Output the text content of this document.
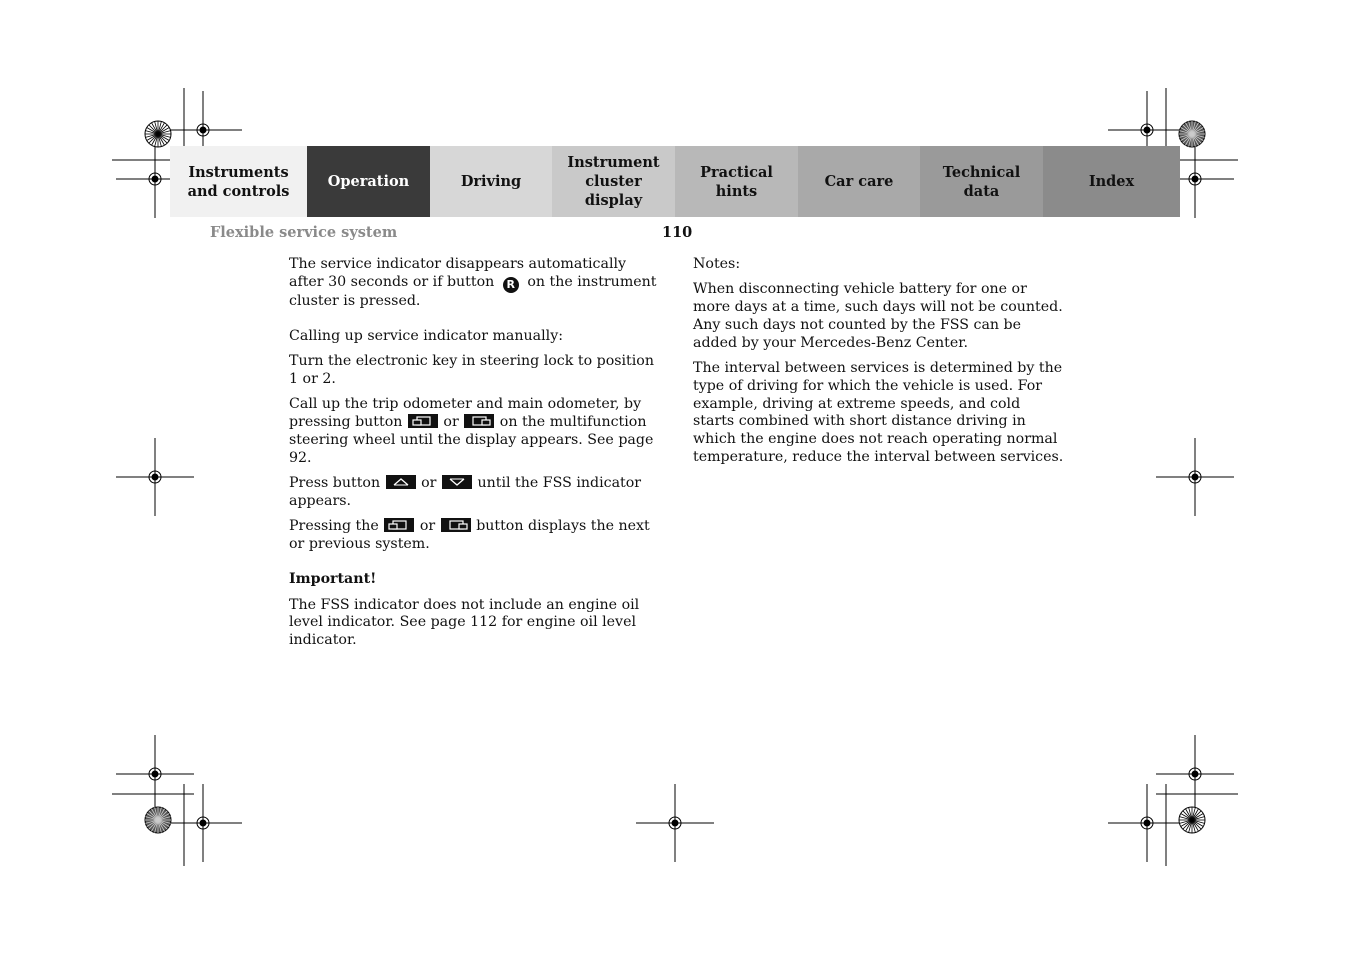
Instruments
and controls
Operation	Driving
Instrument
cluster display
Practical hints
Car care
Technical
data
Index
Flexible service system	110

The service indicator disappears automatically after 30 seconds or if button R on the instrument cluster is pressed.

Calling up service indicator manually:

Turn the electronic key in steering lock to position 1 or 2.

Call up the trip odometer and main odometer, by pressing button	or	on the multifunction steering wheel until the display appears. See page 92.

Press button	or	until the FSS indicator appears.

Pressing the	or	button displays the next or previous system.

Important!

The FSS indicator does not include an engine oil level indicator. See page 112 for engine oil level indicator.

Notes:

When disconnecting vehicle battery for one or more days at a time, such days will not be counted. Any such days not counted by the FSS can be added by your Mercedes-Benz Center.

The interval between services is determined by the type of driving for which the vehicle is used. For example, driving at extreme speeds, and cold starts combined with short distance driving in which the engine does not reach operating normal temperature, reduce the interval between services.
